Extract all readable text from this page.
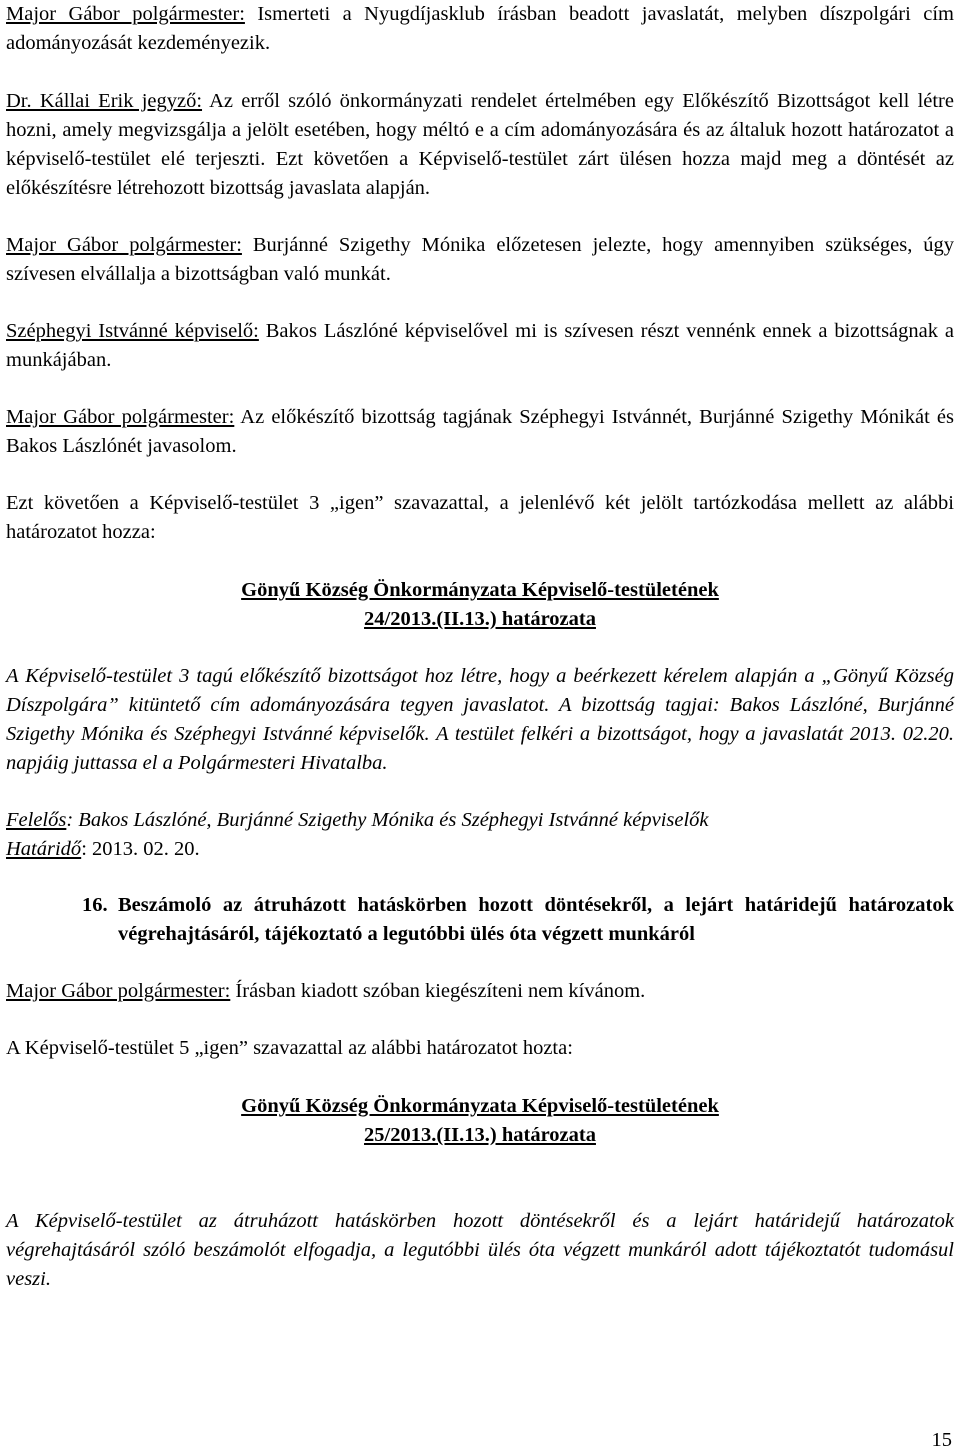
Major Gábor polgármester: Ismerteti a Nyugdíjasklub írásban beadott javaslatát, melyben díszpolgári cím adományozását kezdeményezik.

Dr. Kállai Erik jegyző: Az erről szóló önkormányzati rendelet értelmében egy Előkészítő Bizottságot kell létre hozni, amely megvizsgálja a jelölt esetében, hogy méltó e a cím adományozására és az általuk hozott határozatot a képviselő-testület elé terjeszti. Ezt követően a Képviselő-testület zárt ülésen hozza majd meg a döntését az előkészítésre létrehozott bizottság javaslata alapján.

Major Gábor polgármester: Burjánné Szigethy Mónika előzetesen jelezte, hogy amennyiben szükséges, úgy szívesen elvállalja a bizottságban való munkát.

Széphegyi Istvánné képviselő: Bakos Lászlóné képviselővel mi is szívesen részt vennénk ennek a bizottságnak a munkájában.

Major Gábor polgármester: Az előkészítő bizottság tagjának Széphegyi Istvánnét, Burjánné Szigethy Mónikát és Bakos Lászlónét javasolom.

Ezt követően a Képviselő-testület 3 „igen” szavazattal, a jelenlévő két jelölt tartózkodása mellett az alábbi határozatot hozza:

Gönyű Község Önkormányzata Képviselő-testületének
24/2013.(II.13.) határozata

A Képviselő-testület 3 tagú előkészítő bizottságot hoz létre, hogy a beérkezett kérelem alapján a „Gönyű Község Díszpolgára” kitüntető cím adományozására tegyen javaslatot. A bizottság tagjai: Bakos Lászlóné, Burjánné Szigethy Mónika és Széphegyi Istvánné képviselők. A testület felkéri a bizottságot, hogy a javaslatát 2013. 02.20. napjáig juttassa el a Polgármesteri Hivatalba.

Felelős: Bakos Lászlóné, Burjánné Szigethy Mónika és Széphegyi Istvánné képviselők
Határidő: 2013. 02. 20.
16. Beszámoló az átruházott hatáskörben hozott döntésekről, a lejárt határidejű határozatok végrehajtásáról, tájékoztató a legutóbbi ülés óta végzett munkáról

Major Gábor polgármester: Írásban kiadott szóban kiegészíteni nem kívánom.

A Képviselő-testület 5 „igen” szavazattal az alábbi határozatot hozta:

Gönyű Község Önkormányzata Képviselő-testületének
25/2013.(II.13.) határozata

A Képviselő-testület az átruházott hatáskörben hozott döntésekről és a lejárt határidejű határozatok végrehajtásáról szóló beszámolót elfogadja, a legutóbbi ülés óta végzett munkáról adott tájékoztatót tudomásul veszi.

15
